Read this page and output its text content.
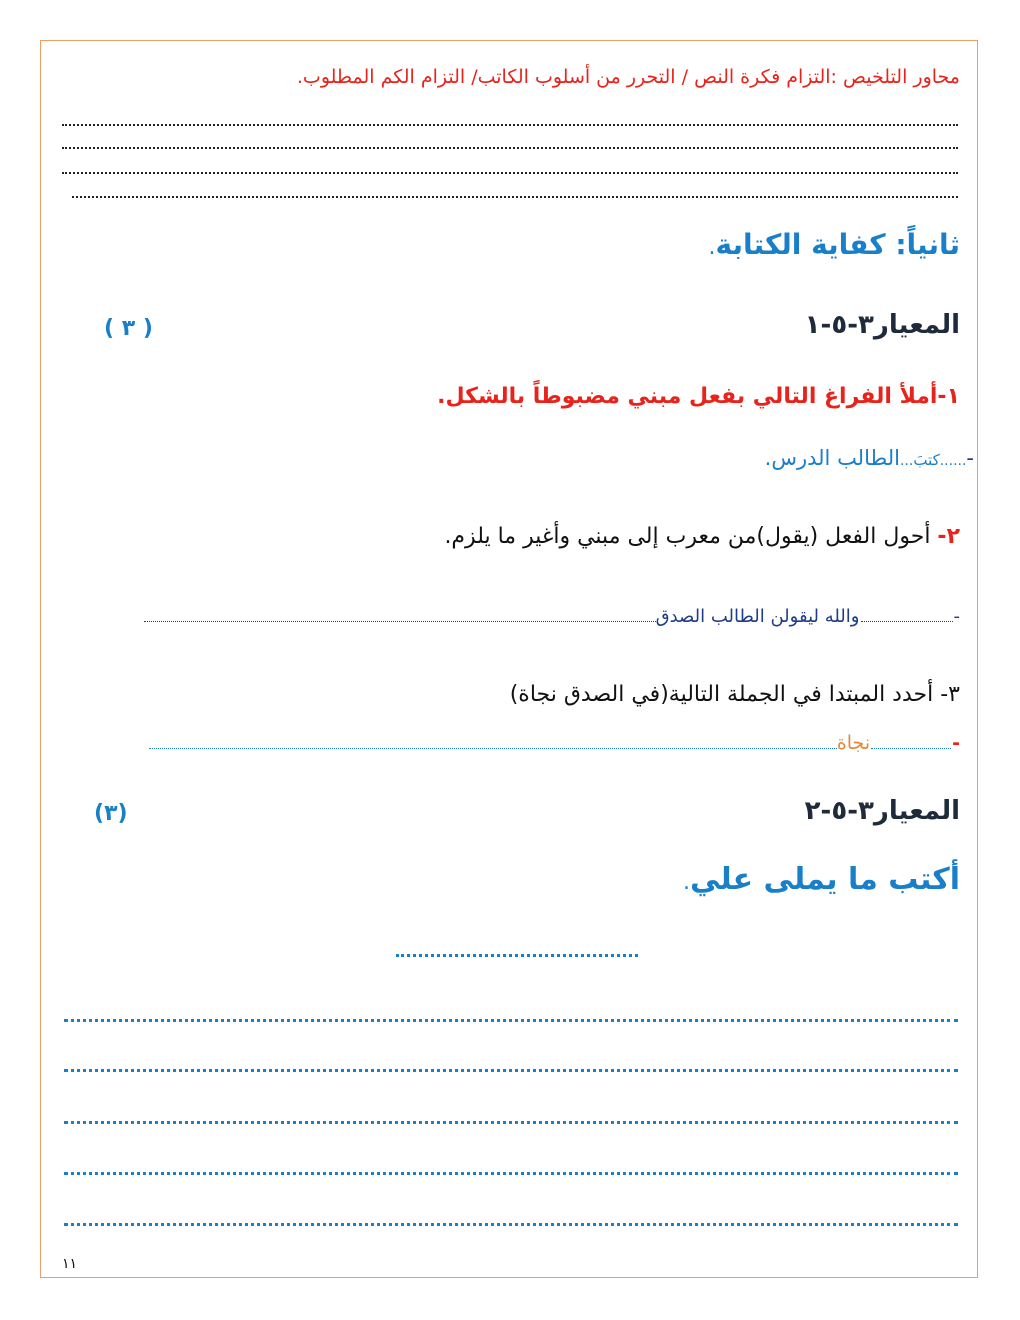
محاور التلخيص :التزام فكرة النص / التحرر من أسلوب الكاتب/ التزام الكم المطلوب.
ثانياً: كفاية الكتابة.
المعيار٣-٥-١
( ٣ )
١-أملأ الفراغ التالي بفعل مبني مضبوطاً بالشكل.
-......كتبَ...الطالب الدرس.
٢- أحول الفعل (يقول)من معرب إلى مبني وأغير ما يلزم.
-
والله ليقولن الطالب الصدق
٣- أحدد المبتدا في الجملة التالية(في الصدق نجاة)
-
نجاة
المعيار٣-٥-٢
(٣)
أكتب ما يملى علي.
١١
